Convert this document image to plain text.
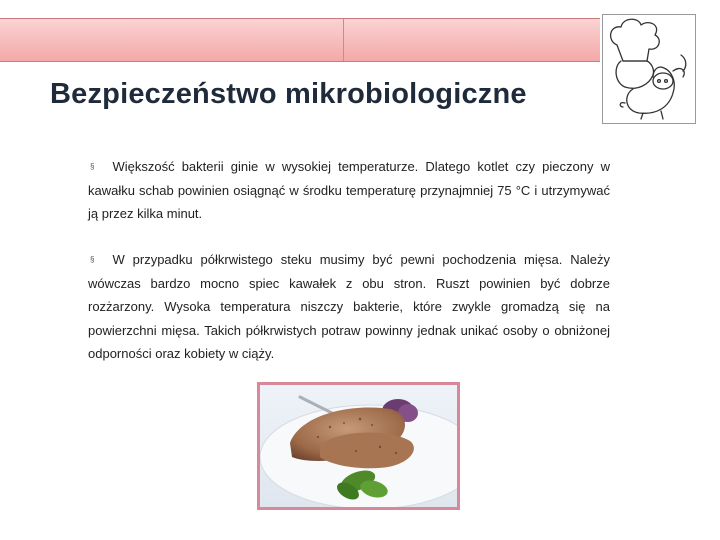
Bezpieczeństwo mikrobiologiczne
§ Większość bakterii ginie w wysokiej temperaturze. Dlatego kotlet czy pieczony w kawałku schab powinien osiągnąć w środku temperaturę przynajmniej 75 °C i utrzymywać ją przez kilka minut.
§ W przypadku półkrwistego steku musimy być pewni pochodzenia mięsa. Należy wówczas bardzo mocno spiec kawałek z obu stron. Ruszt powinien być dobrze rozżarzony. Wysoka temperatura niszczy bakterie, które zwykle gromadzą się na powierzchni mięsa. Takich półkrwistych potraw powinny jednak unikać osoby o obniżonej odporności oraz kobiety w ciąży.
